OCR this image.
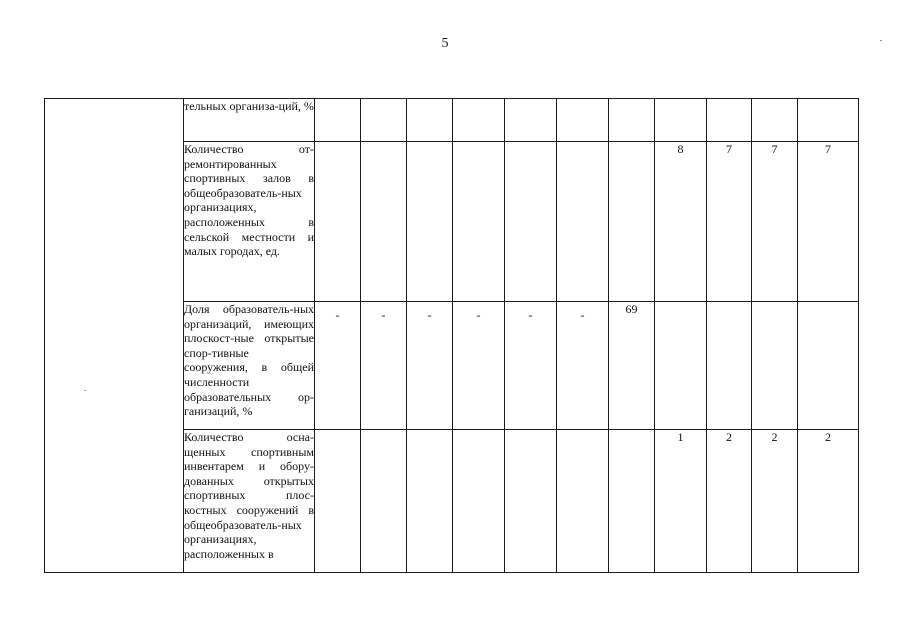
5
	тельных организа-ций, %											
	Количество от-ремонтированных спортивных залов в общеобразователь-ных организациях, расположенных в сельской местности и малых городах, ед.								8	7	7	7
	Доля образователь-ных организаций, имеющих плоскост-ные открытые спор-тивные сооружения, в общей численности образовательных ор-ганизаций, %	-	-	-	-	-	-	69				
	Количество осна-щенных спортивным инвентарем и обору-дованных открытых спортивных плос-костных сооружений в общеобразователь-ных организациях, расположенных в								1	2	2	2
